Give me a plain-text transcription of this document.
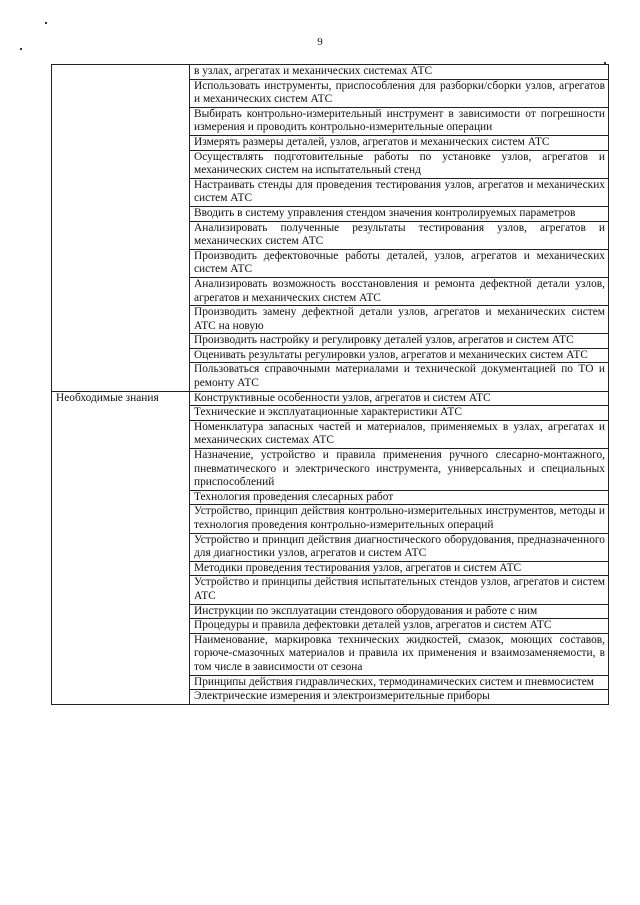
9
	в узлах, агрегатах и механических системах АТС
	Использовать инструменты, приспособления для разборки/сборки узлов, агрегатов и механических систем АТС
	Выбирать контрольно-измерительный инструмент в зависимости от погрешности измерения и проводить контрольно-измерительные операции
	Измерять размеры деталей, узлов, агрегатов и механических систем АТС
	Осуществлять подготовительные работы по установке узлов, агрегатов и механических систем на испытательный стенд
	Настраивать стенды для проведения тестирования узлов, агрегатов и механических систем АТС
	Вводить в систему управления стендом значения контролируемых параметров
	Анализировать полученные результаты тестирования узлов, агрегатов и механических систем АТС
	Производить дефектовочные работы деталей, узлов, агрегатов и механических систем АТС
	Анализировать возможность восстановления и ремонта дефектной детали узлов, агрегатов и механических систем АТС
	Производить замену дефектной детали узлов, агрегатов и механических систем АТС на новую
	Производить настройку и регулировку деталей узлов, агрегатов и систем АТС
	Оценивать результаты регулировки узлов, агрегатов и механических систем АТС
	Пользоваться справочными материалами и технической документацией по ТО и ремонту АТС
Необходимые знания	Конструктивные особенности узлов, агрегатов и систем АТС
	Технические и эксплуатационные характеристики АТС
	Номенклатура запасных частей и материалов, применяемых в узлах, агрегатах и механических системах АТС
	Назначение, устройство и правила применения ручного слесарно-монтажного, пневматического и электрического инструмента, универсальных и специальных приспособлений
	Технология проведения слесарных работ
	Устройство, принцип действия контрольно-измерительных инструментов, методы и технология проведения контрольно-измерительных операций
	Устройство и принцип действия диагностического оборудования, предназначенного для диагностики узлов, агрегатов и систем АТС
	Методики проведения тестирования узлов, агрегатов и систем АТС
	Устройство и принципы действия испытательных стендов узлов, агрегатов и систем АТС
	Инструкции по эксплуатации стендового оборудования и работе с ним
	Процедуры и правила дефектовки деталей узлов, агрегатов и систем АТС
	Наименование, маркировка технических жидкостей, смазок, моющих составов, горюче-смазочных материалов и правила их применения и взаимозаменяемости, в том числе в зависимости от сезона
	Принципы действия гидравлических, термодинамических систем и пневмосистем
	Электрические измерения и электроизмерительные приборы
